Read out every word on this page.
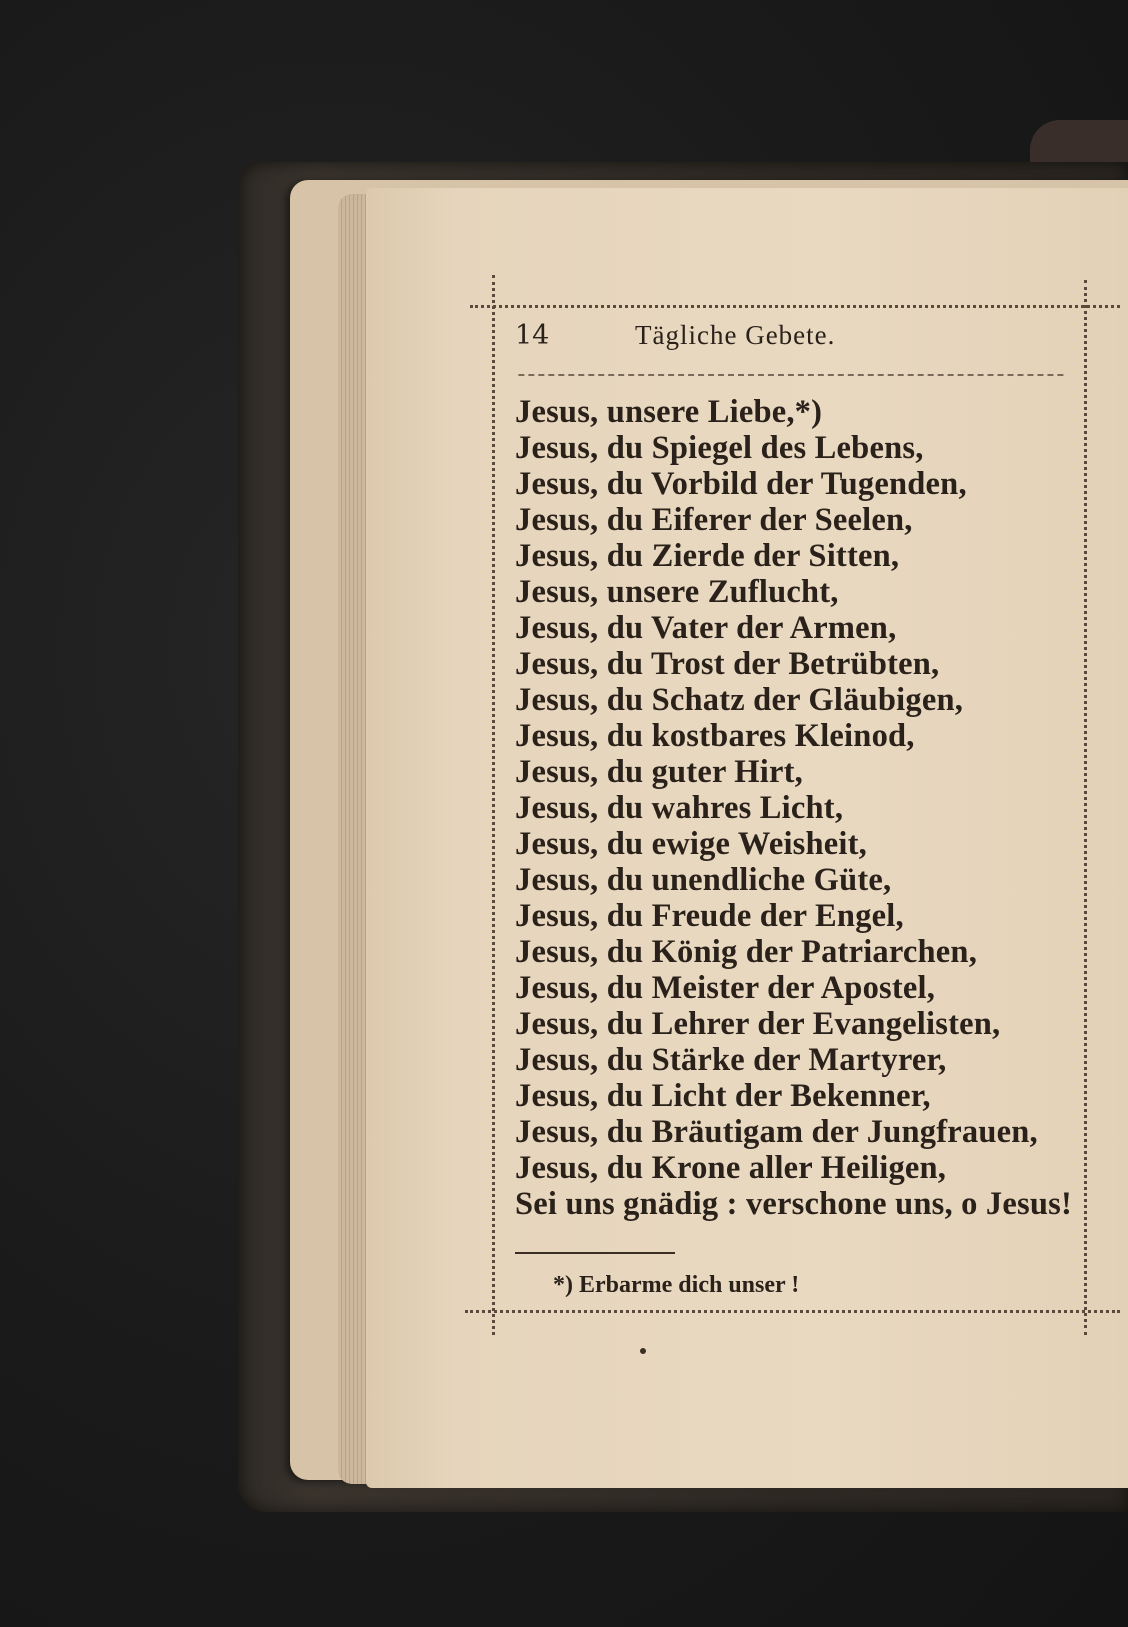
14	Tägliche Gebete.
Jesus, unsere Liebe,*)
Jesus, du Spiegel des Lebens,
Jesus, du Vorbild der Tugenden,
Jesus, du Eiferer der Seelen,
Jesus, du Zierde der Sitten,
Jesus, unsere Zuflucht,
Jesus, du Vater der Armen,
Jesus, du Trost der Betrübten,
Jesus, du Schatz der Gläubigen,
Jesus, du kostbares Kleinod,
Jesus, du guter Hirt,
Jesus, du wahres Licht,
Jesus, du ewige Weisheit,
Jesus, du unendliche Güte,
Jesus, du Freude der Engel,
Jesus, du König der Patriarchen,
Jesus, du Meister der Apostel,
Jesus, du Lehrer der Evangelisten,
Jesus, du Stärke der Martyrer,
Jesus, du Licht der Bekenner,
Jesus, du Bräutigam der Jungfrauen,
Jesus, du Krone aller Heiligen,
Sei uns gnädig : verschone uns, o Jesus!
*) Erbarme dich unser !
